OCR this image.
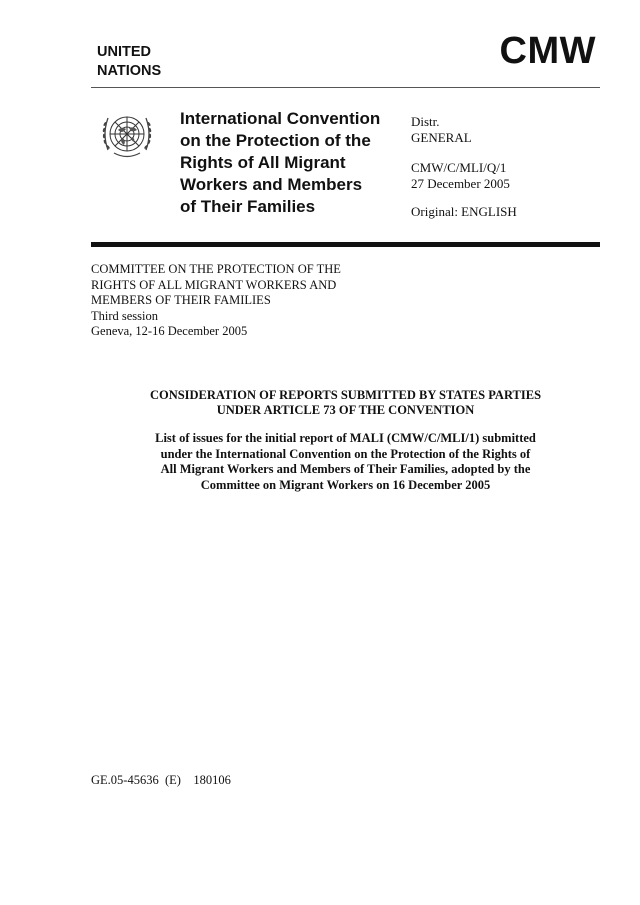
UNITED
NATIONS	CMW
International Convention
on the Protection of the
Rights of All Migrant
Workers and Members
of Their Families
Distr.
GENERAL
CMW/C/MLI/Q/1
27 December 2005
Original: ENGLISH
COMMITTEE ON THE PROTECTION OF THE
RIGHTS OF ALL MIGRANT WORKERS AND
MEMBERS OF THEIR FAMILIES
Third session
Geneva, 12-16 December 2005
CONSIDERATION OF REPORTS SUBMITTED BY STATES PARTIES
UNDER ARTICLE 73 OF THE CONVENTION
List of issues for the initial report of MALI (CMW/C/MLI/1) submitted
under the International Convention on the Protection of the Rights of
All Migrant Workers and Members of Their Families, adopted by the
Committee on Migrant Workers on 16 December 2005
GE.05-45636  (E)    180106
